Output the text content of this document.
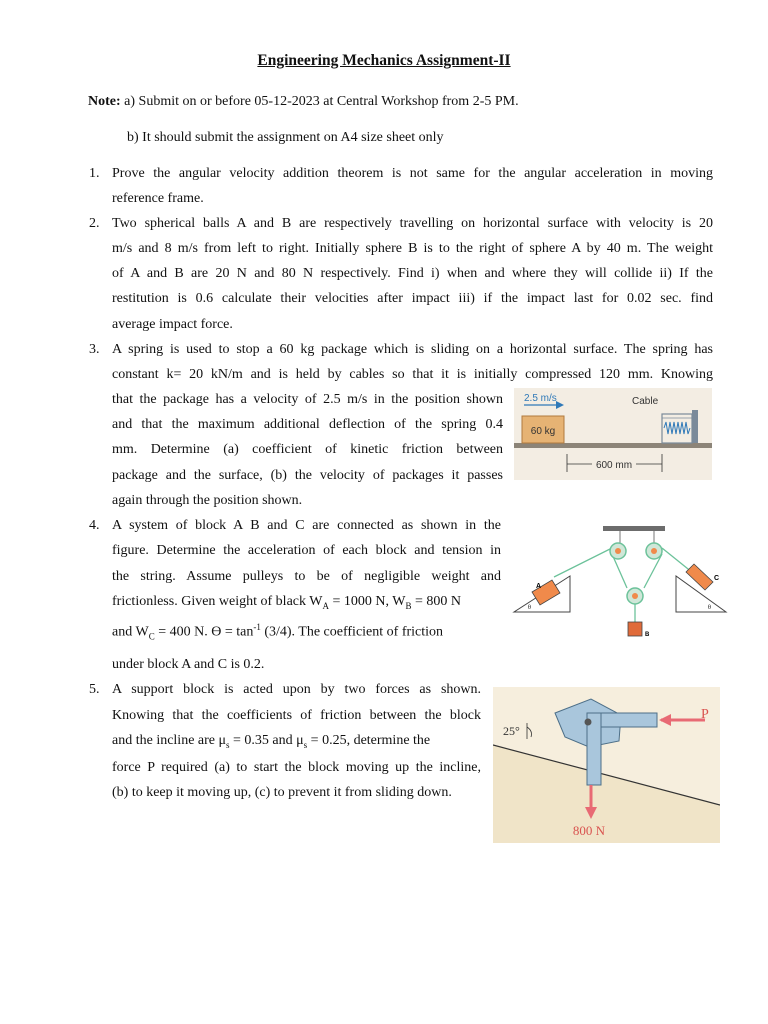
Engineering Mechanics Assignment-II
Note: a) Submit on or before 05-12-2023 at Central Workshop from 2-5 PM.
b) It should submit the assignment on A4 size sheet only
1. Prove the angular velocity addition theorem is not same for the angular acceleration in moving
reference frame.
2. Two spherical balls A and B are respectively travelling on horizontal surface with velocity is 20
m/s and 8 m/s from left to right. Initially sphere B is to the right of sphere A by 40 m. The weight
of A and B are 20 N and 80 N respectively. Find i) when and where they will collide ii) If the
restitution is 0.6 calculate their velocities after impact iii) if the impact last for 0.02 sec. find
average impact force.
3. A spring is used to stop a 60 kg package which is sliding on a horizontal surface. The spring has
constant k= 20 kN/m and is held by cables so that it is initially compressed 120 mm. Knowing
that the package has a velocity of 2.5 m/s in the position shown
and that the maximum additional deflection of the spring 0.4
mm. Determine (a) coefficient of kinetic friction between
package and the surface, (b) the velocity of packages it passes
again through the position shown.
60 kg
2.5 m/s	Cable
600 mm
4. A system of block A B and C are connected as shown in the
figure. Determine the acceleration of each block and tension in
the string. Assume pulleys to be of negligible weight and
frictionless. Given weight of black $W_A = 1000$ N, $W_B = 800$ N
and $W_C = 400$ N. $ϴ = \tan^{-1} (3/4)$. The coefficient of friction
under block A and C is 0.2.
A
θ
C
θ
B
5. A support block is acted upon by two forces as shown.
Knowing that the coefficients of friction between the block
and the incline are $\mu_s = 0.35$ and $\mu_s = 0.25$, determine the
force P required (a) to start the block moving up the incline,
(b) to keep it moving up, (c) to prevent it from sliding down.
P
800 N
25°
